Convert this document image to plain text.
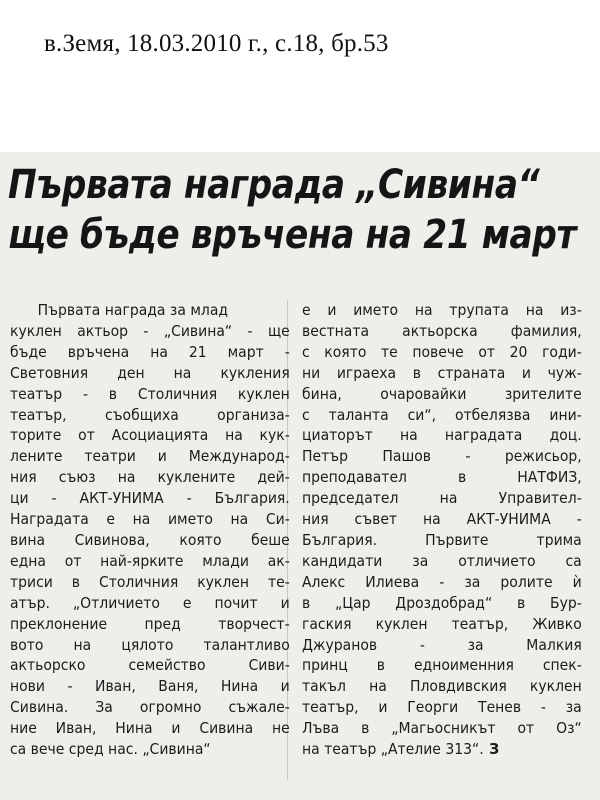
в.Земя, 18.03.2010 г., с.18, бр.53
Първата награда „Сивина“
ще бъде връчена на 21 март
Първата награда за млад
куклен актьор - „Сивина“ - ще
бъде връчена на 21 март -
Световния ден на кукления
театър - в Столичния куклен
театър, съобщиха организа-
торите от Асоциацията на кук-
лените театри и Международ-
ния съюз на кукленитe дей-
ци - АКТ-УНИМА - България.
Наградата е на името на Си-
вина Сивинова, която беше
една от най-ярките млади ак-
триси в Столичния куклен те-
атър. „Отличието е почит и
преклонение пред творчест-
вото на цялото талантливо
актьорско семейство Сиви-
нови - Иван, Ваня, Нина и
Сивина. За огромно съжале-
ние Иван, Нина и Сивина не
са вече сред нас. „Сивина“
е и името на трупата на из-
вестната актьорска фамилия,
с която те повече от 20 годи-
ни играеха в страната и чуж-
бина, очаровайки зрителите
с таланта си“, отбелязва ини-
циаторът на наградата доц.
Петър Пашов - режисьор,
преподавател в НАТФИЗ,
председател на Управител-
ния съвет на АКТ-УНИМА -
България. Първите трима
кандидати за отличието са
Алекс Илиева - за ролите ѝ
в „Цар Дроздобрад“ в Бур-
гаския куклен театър, Живко
Джуранов - за Малкия
принц в едноименния спек-
такъл на Пловдивския куклен
театър, и Георги Тенев - за
Лъва в „Магьосникът от Оз“
на театър „Ателие 313“. З
